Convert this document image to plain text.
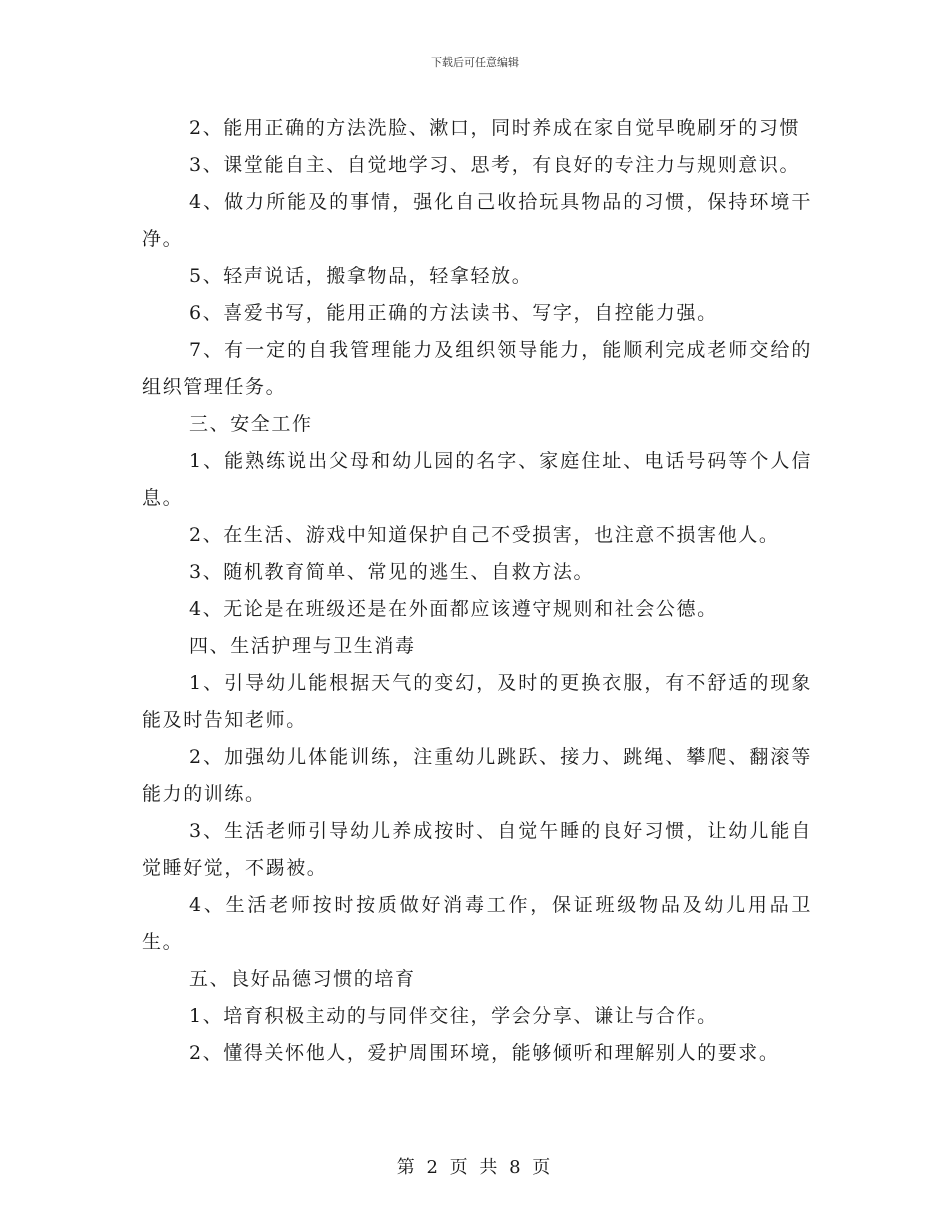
下载后可任意编辑

2、能用正确的方法洗脸、漱口，同时养成在家自觉早晚刷牙的习惯

3、课堂能自主、自觉地学习、思考，有良好的专注力与规则意识。

4、做力所能及的事情，强化自己收拾玩具物品的习惯，保持环境干净。

5、轻声说话，搬拿物品，轻拿轻放。

6、喜爱书写，能用正确的方法读书、写字，自控能力强。

7、有一定的自我管理能力及组织领导能力，能顺利完成老师交给的组织管理任务。

三、安全工作

1、能熟练说出父母和幼儿园的名字、家庭住址、电话号码等个人信息。

2、在生活、游戏中知道保护自己不受损害，也注意不损害他人。

3、随机教育简单、常见的逃生、自救方法。

4、无论是在班级还是在外面都应该遵守规则和社会公德。

四、生活护理与卫生消毒

1、引导幼儿能根据天气的变幻，及时的更换衣服，有不舒适的现象能及时告知老师。

2、加强幼儿体能训练，注重幼儿跳跃、接力、跳绳、攀爬、翻滚等能力的训练。

3、生活老师引导幼儿养成按时、自觉午睡的良好习惯，让幼儿能自觉睡好觉，不踢被。

4、生活老师按时按质做好消毒工作，保证班级物品及幼儿用品卫生。

五、良好品德习惯的培育

1、培育积极主动的与同伴交往，学会分享、谦让与合作。

2、懂得关怀他人，爱护周围环境，能够倾听和理解别人的要求。

第 2 页 共 8 页
